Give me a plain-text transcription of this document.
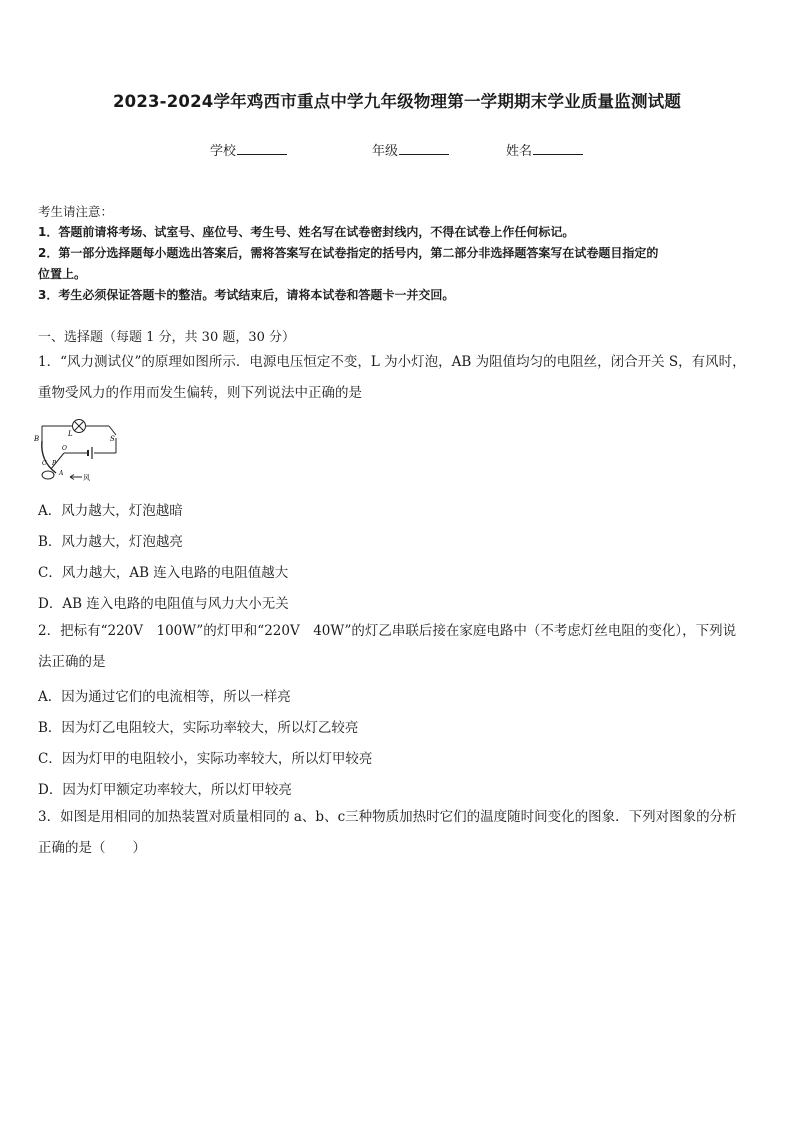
2023-2024学年鸡西市重点中学九年级物理第一学期期末学业质量监测试题
学校	年级	姓名
考生请注意：
1．答题前请将考场、试室号、座位号、考生号、姓名写在试卷密封线内，不得在试卷上作任何标记。
2．第一部分选择题每小题选出答案后，需将答案写在试卷指定的括号内，第二部分非选择题答案写在试卷题目指定的
位置上。
3．考生必须保证答题卡的整洁。考试结束后，请将本试卷和答题卡一并交回。
一、选择题（每题 1 分，共 30 题，30 分）
1．“风力测试仪”的原理如图所示．电源电压恒定不变，L 为小灯泡，AB 为阻值均匀的电阻丝，闭合开关 S，有风时，
重物受风力的作用而发生偏转，则下列说法中正确的是
B
L
S
O
P
C
A
风
A．风力越大，灯泡越暗
B．风力越大，灯泡越亮
C．风力越大，AB 连入电路的电阻值越大
D．AB 连入电路的电阻值与风力大小无关
2．把标有“220V　100W”的灯甲和“220V　40W”的灯乙串联后接在家庭电路中（不考虑灯丝电阻的变化），下列说
法正确的是
A．因为通过它们的电流相等，所以一样亮
B．因为灯乙电阻较大，实际功率较大，所以灯乙较亮
C．因为灯甲的电阻较小，实际功率较大，所以灯甲较亮
D．因为灯甲额定功率较大，所以灯甲较亮
3．如图是用相同的加热装置对质量相同的 a、b、c三种物质加热时它们的温度随时间变化的图象．下列对图象的分析
正确的是（　　）
